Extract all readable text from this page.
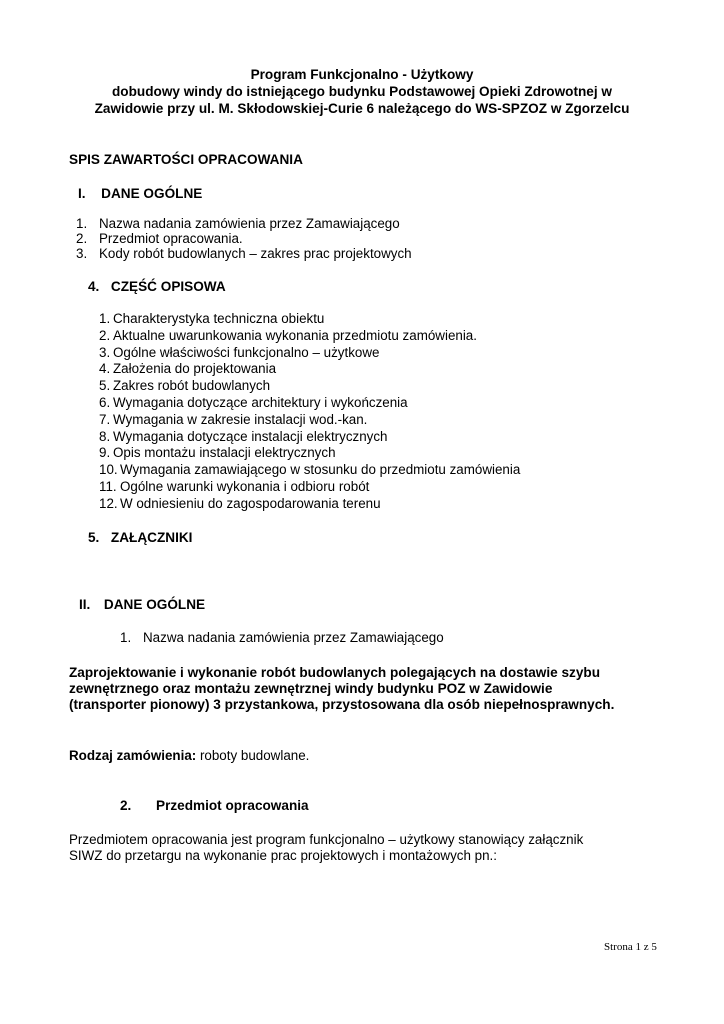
Program Funkcjonalno - Użytkowy
dobudowy windy do istniejącego budynku Podstawowej Opieki Zdrowotnej w
Zawidowie przy ul. M. Skłodowskiej-Curie 6 należącego do WS-SPZOZ w Zgorzelcu
SPIS ZAWARTOŚCI OPRACOWANIA
I. DANE OGÓLNE
1. Nazwa nadania zamówienia przez Zamawiającego
2. Przedmiot opracowania.
3. Kody robót budowlanych – zakres prac projektowych
4. CZĘŚĆ OPISOWA
1. Charakterystyka techniczna obiektu
2. Aktualne uwarunkowania wykonania przedmiotu zamówienia.
3. Ogólne właściwości funkcjonalno – użytkowe
4. Założenia do projektowania
5. Zakres robót budowlanych
6. Wymagania dotyczące architektury i wykończenia
7. Wymagania w zakresie instalacji wod.-kan.
8. Wymagania dotyczące instalacji elektrycznych
9. Opis montażu instalacji elektrycznych
10. Wymagania zamawiającego w stosunku do przedmiotu zamówienia
11. Ogólne warunki wykonania i odbioru robót
12. W odniesieniu do zagospodarowania terenu
5. ZAŁĄCZNIKI
II. DANE OGÓLNE
1. Nazwa nadania zamówienia przez Zamawiającego
Zaprojektowanie i wykonanie robót budowlanych polegających na dostawie szybu
zewnętrznego oraz montażu zewnętrznej windy budynku POZ w Zawidowie
(transporter pionowy) 3 przystankowa, przystosowana dla osób niepełnosprawnych.
Rodzaj zamówienia: roboty budowlane.
2. Przedmiot opracowania
Przedmiotem opracowania jest program funkcjonalno – użytkowy stanowiący załącznik
SIWZ do przetargu na wykonanie prac projektowych i montażowych pn.:
Strona 1 z 5
